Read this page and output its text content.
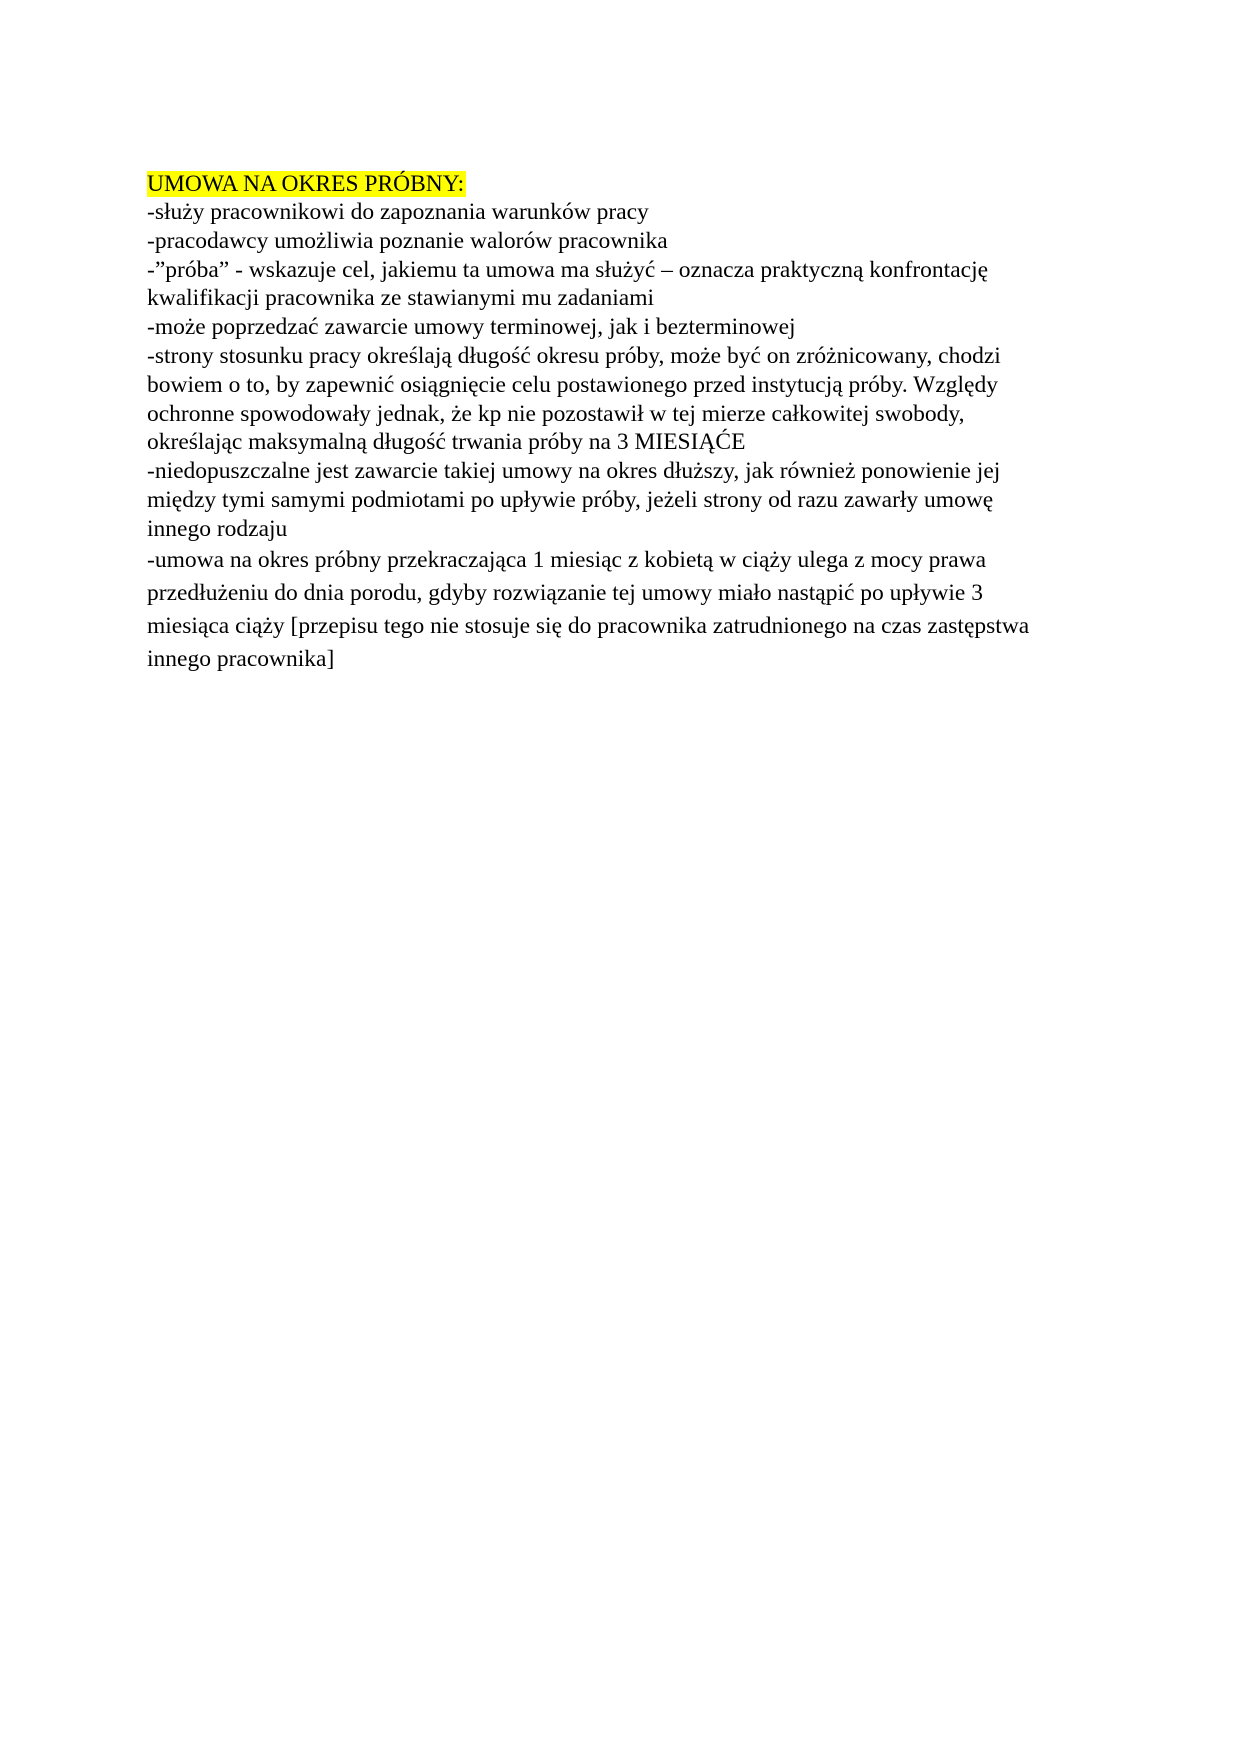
UMOWA NA OKRES PRÓBNY:
-służy pracownikowi do zapoznania warunków pracy
-pracodawcy umożliwia poznanie walorów pracownika
-”próba” - wskazuje cel, jakiemu ta umowa ma służyć – oznacza praktyczną konfrontację
kwalifikacji pracownika ze stawianymi mu zadaniami
-może poprzedzać zawarcie umowy terminowej, jak i bezterminowej
-strony stosunku pracy określają długość okresu próby, może być on zróżnicowany, chodzi
bowiem o to, by zapewnić osiągnięcie celu postawionego przed instytucją próby. Względy
ochronne spowodowały jednak, że kp nie pozostawił w tej mierze całkowitej swobody,
określając maksymalną długość trwania próby na 3 MIESIĄĆE
-niedopuszczalne jest zawarcie takiej umowy na okres dłuższy, jak również ponowienie jej
między tymi samymi podmiotami po upływie próby, jeżeli strony od razu zawarły umowę
innego rodzaju
-umowa na okres próbny przekraczająca 1 miesiąc z kobietą w ciąży ulega z mocy prawa
przedłużeniu do dnia porodu, gdyby rozwiązanie tej umowy miało nastąpić po upływie 3
miesiąca ciąży [przepisu tego nie stosuje się do pracownika zatrudnionego na czas zastępstwa
innego pracownika]
